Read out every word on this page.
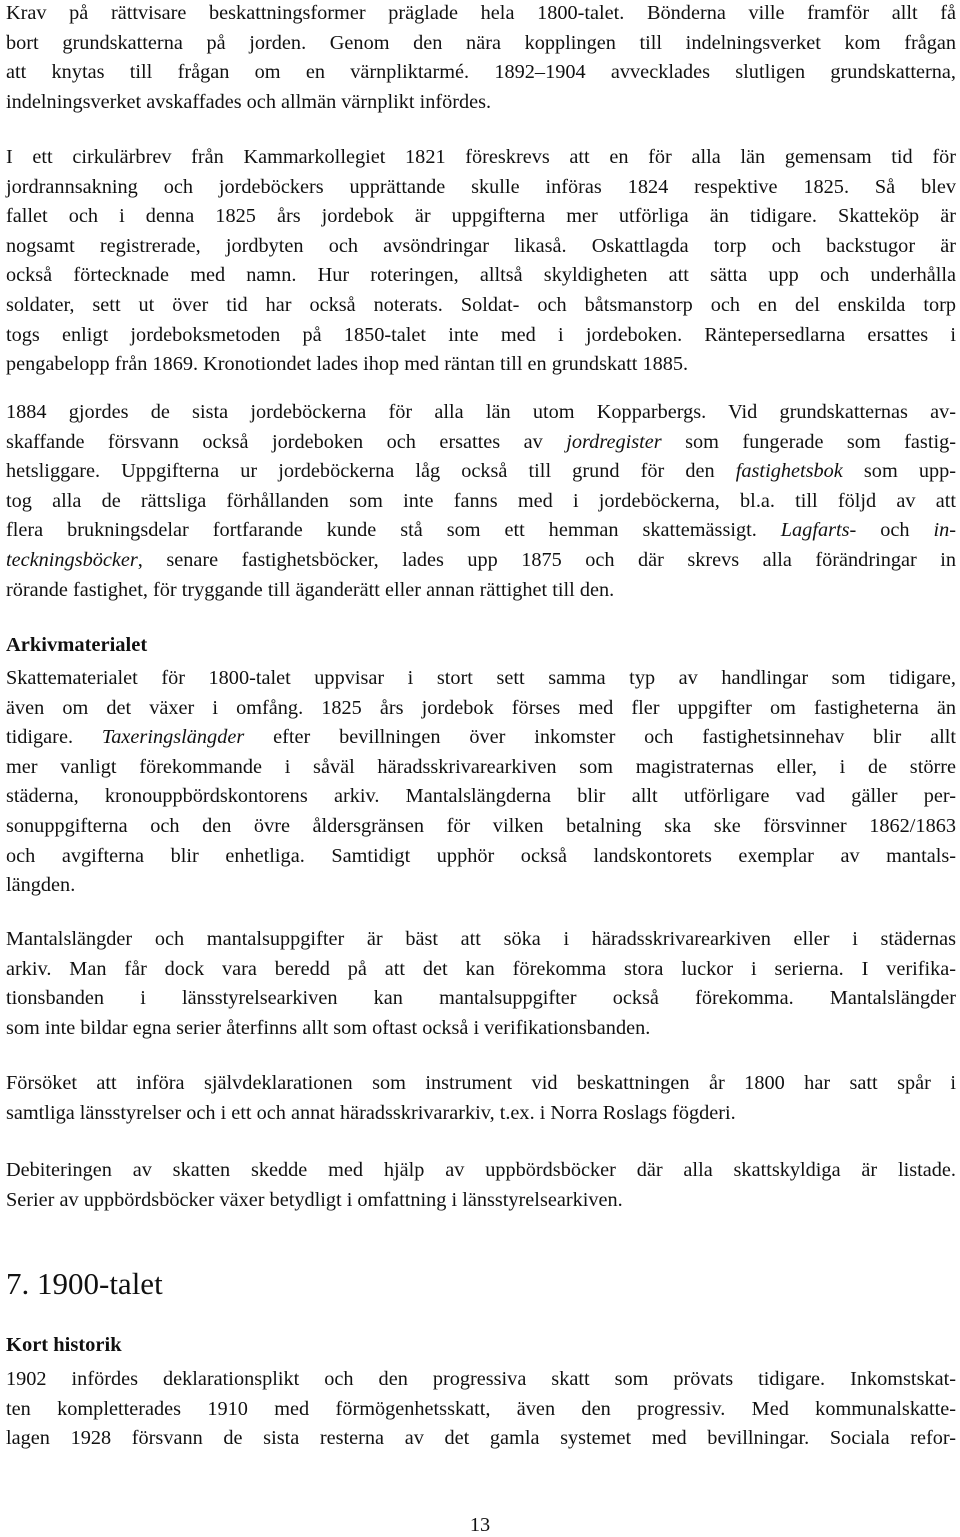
Krav på rättvisare beskattningsformer präglade hela 1800-talet. Bönderna ville framför allt få
bort grundskatterna på jorden. Genom den nära kopplingen till indelningsverket kom frågan
att knytas till frågan om en värnpliktarmé. 1892–1904 avvecklades slutligen grundskatterna,
indelningsverket avskaffades och allmän värnplikt infördes.
I ett cirkulärbrev från Kammarkollegiet 1821 föreskrevs att en för alla län gemensam tid för
jordrannsakning och jordeböckers upprättande skulle införas 1824 respektive 1825. Så blev
fallet och i denna 1825 års jordebok är uppgifterna mer utförliga än tidigare. Skatteköp är
nogsamt registrerade, jordbyten och avsöndringar likaså. Oskattlagda torp och backstugor är
också förtecknade med namn. Hur roteringen, alltså skyldigheten att sätta upp och underhålla
soldater, sett ut över tid har också noterats. Soldat- och båtsmanstorp och en del enskilda torp
togs enligt jordeboksmetoden på 1850-talet inte med i jordeboken. Räntepersedlarna ersattes i
pengabelopp från 1869. Kronotiondet lades ihop med räntan till en grundskatt 1885.
1884 gjordes de sista jordeböckerna för alla län utom Kopparbergs. Vid grundskatternas av-
skaffande försvann också jordeboken och ersattes av jordregister som fungerade som fastig-
hetsliggare. Uppgifterna ur jordeböckerna låg också till grund för den fastighetsbok som upp-
tog alla de rättsliga förhållanden som inte fanns med i jordeböckerna, bl.a. till följd av att
flera brukningsdelar fortfarande kunde stå som ett hemman skattemässigt. Lagfarts- och in-
teckningsböcker, senare fastighetsböcker, lades upp 1875 och där skrevs alla förändringar in
rörande fastighet, för tryggande till äganderätt eller annan rättighet till den.
Arkivmaterialet
Skattematerialet för 1800-talet uppvisar i stort sett samma typ av handlingar som tidigare,
även om det växer i omfång. 1825 års jordebok förses med fler uppgifter om fastigheterna än
tidigare. Taxeringslängder efter bevillningen över inkomster och fastighetsinnehav blir allt
mer vanligt förekommande i såväl häradsskrivarearkiven som magistraternas eller, i de större
städerna, kronouppbördskontorens arkiv. Mantalslängderna blir allt utförligare vad gäller per-
sonuppgifterna och den övre åldersgränsen för vilken betalning ska ske försvinner 1862/1863
och avgifterna blir enhetliga. Samtidigt upphör också landskontorets exemplar av mantals-
längden.
Mantalslängder och mantalsuppgifter är bäst att söka i häradsskrivarearkiven eller i städernas
arkiv. Man får dock vara beredd på att det kan förekomma stora luckor i serierna. I verifika-
tionsbanden i länsstyrelsearkiven kan mantalsuppgifter också förekomma. Mantalslängder
som inte bildar egna serier återfinns allt som oftast också i verifikationsbanden.
Försöket att införa självdeklarationen som instrument vid beskattningen år 1800 har satt spår i
samtliga länsstyrelser och i ett och annat häradsskrivararkiv, t.ex. i Norra Roslags fögderi.
Debiteringen av skatten skedde med hjälp av uppbördsböcker där alla skattskyldiga är listade.
Serier av uppbördsböcker växer betydligt i omfattning i länsstyrelsearkiven.
7. 1900-talet
Kort historik
1902 infördes deklarationsplikt och den progressiva skatt som prövats tidigare. Inkomstskat-
ten kompletterades 1910 med förmögenhetsskatt, även den progressiv. Med kommunalskatte-
lagen 1928 försvann de sista resterna av det gamla systemet med bevillningar. Sociala refor-
13
